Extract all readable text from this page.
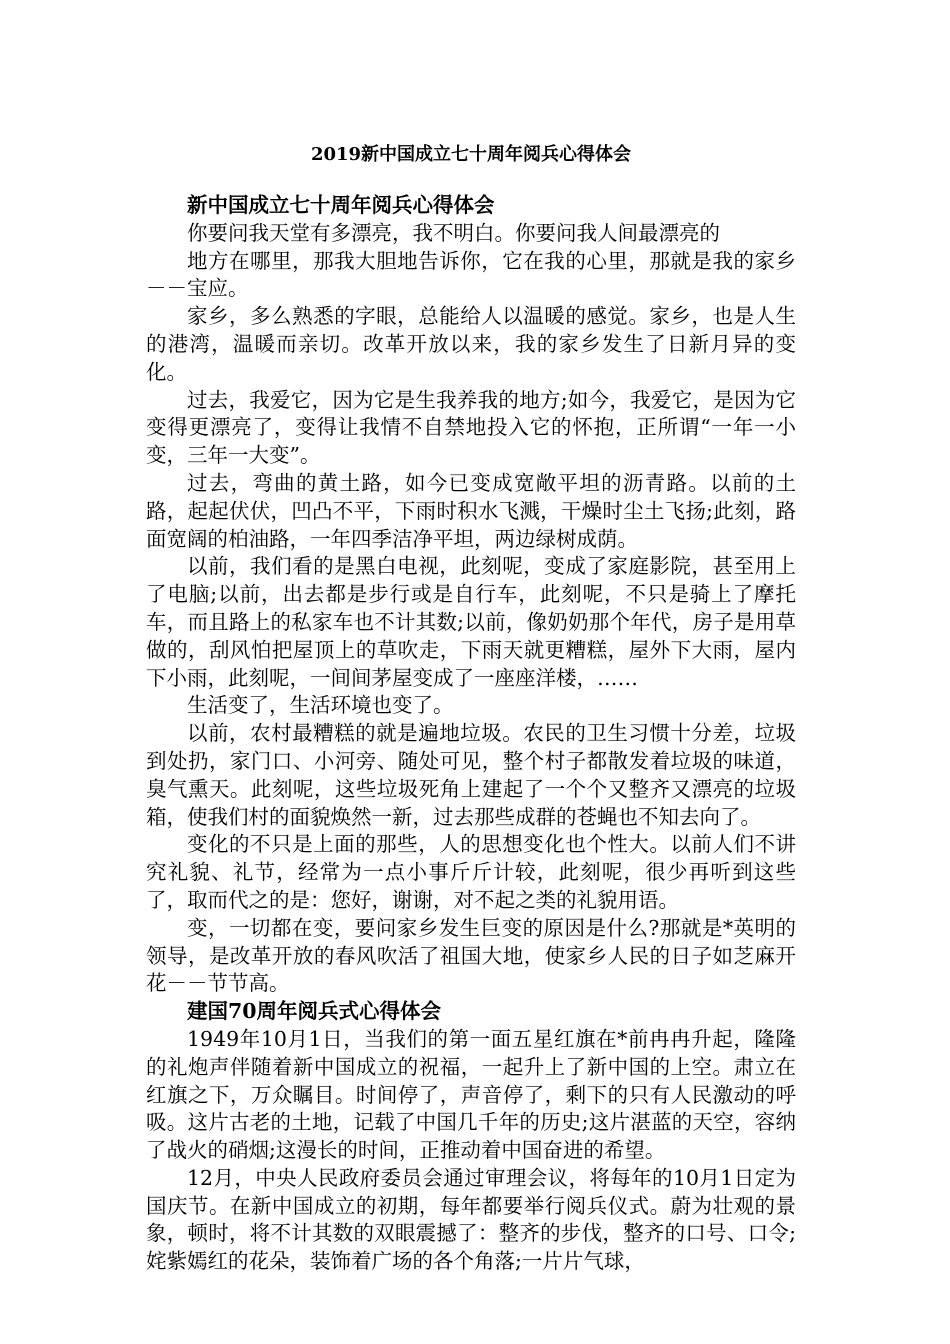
2019新中国成立七十周年阅兵心得体会

新中国成立七十周年阅兵心得体会

你要问我天堂有多漂亮，我不明白。你要问我人间最漂亮的

地方在哪里，那我大胆地告诉你，它在我的心里，那就是我的家乡－－宝应。

家乡，多么熟悉的字眼，总能给人以温暖的感觉。家乡，也是人生的港湾，温暖而亲切。改革开放以来，我的家乡发生了日新月异的变化。

过去，我爱它，因为它是生我养我的地方;如今，我爱它，是因为它变得更漂亮了，变得让我情不自禁地投入它的怀抱，正所谓“一年一小变，三年一大变”。

过去，弯曲的黄土路，如今已变成宽敞平坦的沥青路。以前的土路，起起伏伏，凹凸不平，下雨时积水飞溅，干燥时尘土飞扬;此刻，路面宽阔的柏油路，一年四季洁净平坦，两边绿树成荫。

以前，我们看的是黑白电视，此刻呢，变成了家庭影院，甚至用上了电脑;以前，出去都是步行或是自行车，此刻呢，不只是骑上了摩托车，而且路上的私家车也不计其数;以前，像奶奶那个年代，房子是用草做的，刮风怕把屋顶上的草吹走，下雨天就更糟糕，屋外下大雨，屋内下小雨，此刻呢，一间间茅屋变成了一座座洋楼，……

生活变了，生活环境也变了。

以前，农村最糟糕的就是遍地垃圾。农民的卫生习惯十分差，垃圾到处扔，家门口、小河旁、随处可见，整个村子都散发着垃圾的味道，臭气熏天。此刻呢，这些垃圾死角上建起了一个个又整齐又漂亮的垃圾箱，使我们村的面貌焕然一新，过去那些成群的苍蝇也不知去向了。

变化的不只是上面的那些，人的思想变化也个性大。以前人们不讲究礼貌、礼节，经常为一点小事斤斤计较，此刻呢，很少再听到这些了，取而代之的是：您好，谢谢，对不起之类的礼貌用语。

变，一切都在变，要问家乡发生巨变的原因是什么?那就是*英明的领导，是改革开放的春风吹活了祖国大地，使家乡人民的日子如芝麻开花－－节节高。

建国70周年阅兵式心得体会

1949年10月1日，当我们的第一面五星红旗在*前冉冉升起，隆隆的礼炮声伴随着新中国成立的祝福，一起升上了新中国的上空。肃立在红旗之下，万众瞩目。时间停了，声音停了，剩下的只有人民激动的呼吸。这片古老的土地，记载了中国几千年的历史;这片湛蓝的天空，容纳了战火的硝烟;这漫长的时间，正推动着中国奋进的希望。

12月，中央人民政府委员会通过审理会议，将每年的10月1日定为国庆节。在新中国成立的初期，每年都要举行阅兵仪式。蔚为壮观的景象，顿时，将不计其数的双眼震撼了：整齐的步伐，整齐的口号、口令;姹紫嫣红的花朵，装饰着广场的各个角落;一片片气球，
